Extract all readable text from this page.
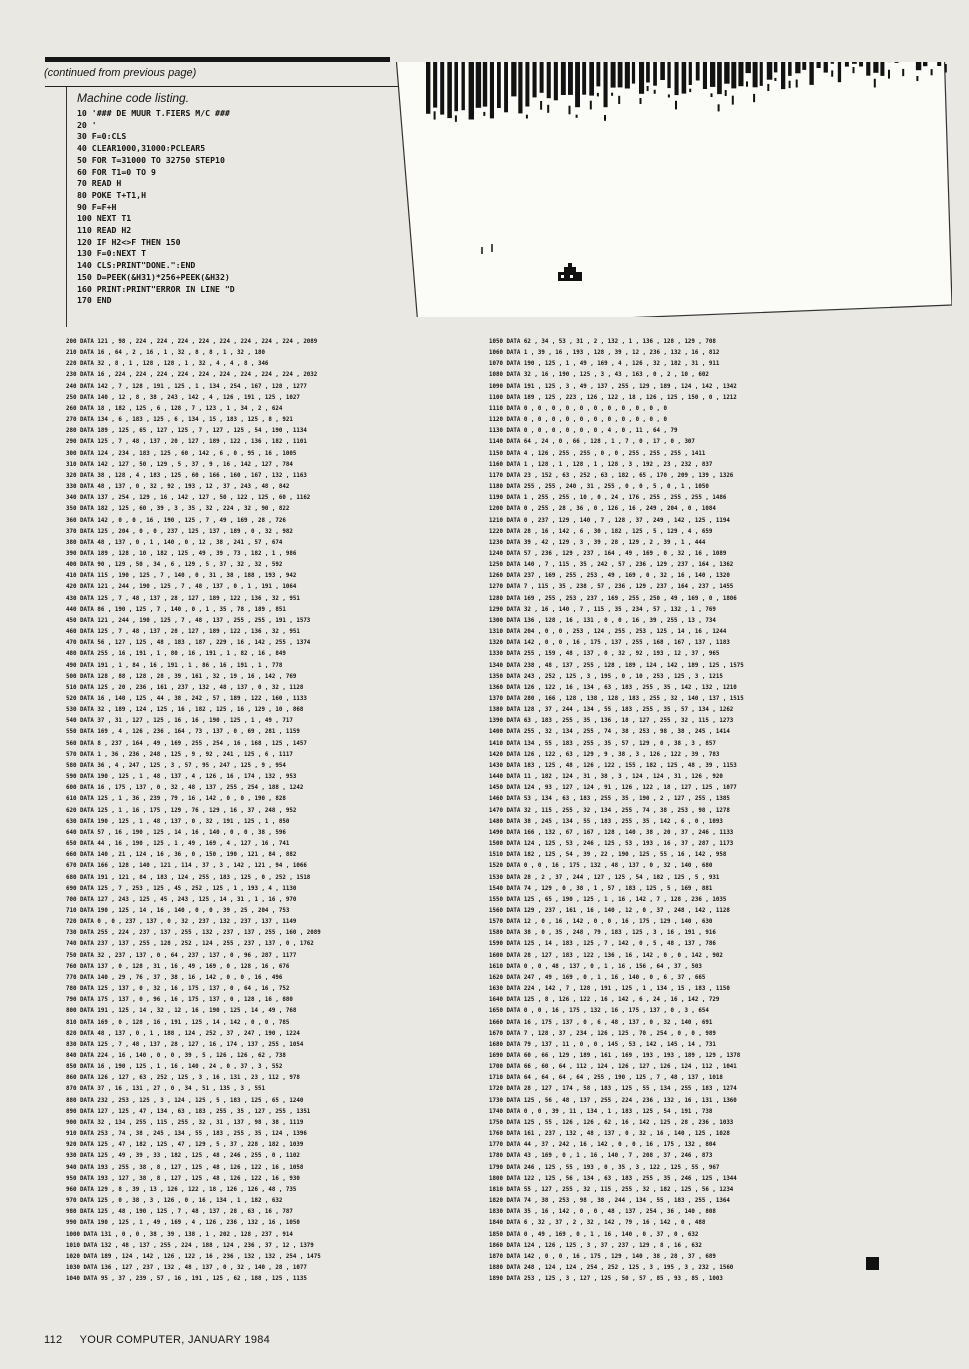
(continued from previous page)
Machine code listing.
10 '### DE MUUR T.FIERS M/C ###
20 '
30 F=0:CLS
40 CLEAR1000,31000:PCLEAR5
50 FOR T=31000 TO 32750 STEP10
60 FOR T1=0 TO 9
70 READ H
80 POKE T+T1,H
90 F=F+H
100 NEXT T1
110 READ H2
120 IF H2<>F THEN 150
130 F=0:NEXT T
140 CLS:PRINT"DONE.":END
150 D=PEEK(&H31)*256+PEEK(&H32)
160 PRINT:PRINT"ERROR IN LINE "D
170 END
200 DATA 121 , 98 , 224 , 224 , 224 , 224 , 224 , 224 , 224 , 224 , 2089
210 DATA 16 , 64 , 2 , 16 , 1 , 32 , 8 , 8 , 1 , 32 , 180
220 DATA 32 , 8 , 1 , 128 , 128 , 1 , 32 , 4 , 4 , 8 , 346
230 DATA 16 , 224 , 224 , 224 , 224 , 224 , 224 , 224 , 224 , 224 , 2032
240 DATA 142 , 7 , 128 , 191 , 125 , 1 , 134 , 254 , 167 , 128 , 1277
250 DATA 140 , 12 , 8 , 38 , 243 , 142 , 4 , 126 , 191 , 125 , 1027
260 DATA 18 , 182 , 125 , 6 , 128 , 7 , 123 , 1 , 34 , 2 , 624
270 DATA 134 , 6 , 183 , 125 , 6 , 134 , 15 , 183 , 125 , 8 , 921
280 DATA 189 , 125 , 65 , 127 , 125 , 7 , 127 , 125 , 54 , 190 , 1134
290 DATA 125 , 7 , 48 , 137 , 20 , 127 , 189 , 122 , 136 , 182 , 1101
300 DATA 124 , 234 , 183 , 125 , 60 , 142 , 6 , 0 , 95 , 16 , 1005
310 DATA 142 , 127 , 50 , 129 , 5 , 37 , 9 , 16 , 142 , 127 , 784
320 DATA 38 , 128 , 4 , 183 , 125 , 60 , 166 , 160 , 167 , 132 , 1163
330 DATA 48 , 137 , 0 , 32 , 92 , 193 , 12 , 37 , 243 , 48 , 842
340 DATA 137 , 254 , 129 , 16 , 142 , 127 , 50 , 122 , 125 , 60 , 1162
350 DATA 182 , 125 , 60 , 39 , 3 , 35 , 32 , 224 , 32 , 90 , 822
360 DATA 142 , 0 , 0 , 16 , 190 , 125 , 7 , 49 , 169 , 28 , 726
370 DATA 125 , 204 , 0 , 0 , 237 , 125 , 137 , 189 , 0 , 32 , 982
380 DATA 48 , 137 , 0 , 1 , 140 , 0 , 12 , 38 , 241 , 57 , 674
390 DATA 189 , 128 , 10 , 182 , 125 , 49 , 39 , 73 , 182 , 1 , 986
400 DATA 90 , 129 , 50 , 34 , 6 , 129 , 5 , 37 , 32 , 32 , 592
410 DATA 115 , 190 , 125 , 7 , 140 , 0 , 31 , 38 , 188 , 193 , 942
420 DATA 121 , 244 , 190 , 125 , 7 , 48 , 137 , 0 , 1 , 191 , 1064
430 DATA 125 , 7 , 48 , 137 , 28 , 127 , 189 , 122 , 136 , 32 , 951
440 DATA 86 , 190 , 125 , 7 , 140 , 0 , 1 , 35 , 78 , 189 , 851
450 DATA 121 , 244 , 190 , 125 , 7 , 48 , 137 , 255 , 255 , 191 , 1573
460 DATA 125 , 7 , 48 , 137 , 28 , 127 , 189 , 122 , 136 , 32 , 951
470 DATA 56 , 127 , 125 , 48 , 183 , 187 , 229 , 16 , 142 , 255 , 1374
480 DATA 255 , 16 , 191 , 1 , 80 , 16 , 191 , 1 , 82 , 16 , 849
490 DATA 191 , 1 , 84 , 16 , 191 , 1 , 86 , 16 , 191 , 1 , 778
500 DATA 128 , 88 , 128 , 28 , 39 , 161 , 32 , 19 , 16 , 142 , 769
510 DATA 125 , 20 , 236 , 161 , 237 , 132 , 48 , 137 , 0 , 32 , 1128
520 DATA 16 , 140 , 125 , 44 , 38 , 242 , 57 , 189 , 122 , 160 , 1133
530 DATA 32 , 189 , 124 , 125 , 16 , 182 , 125 , 16 , 129 , 10 , 868
540 DATA 37 , 31 , 127 , 125 , 16 , 16 , 190 , 125 , 1 , 49 , 717
550 DATA 169 , 4 , 126 , 236 , 164 , 73 , 137 , 0 , 69 , 281 , 1159
560 DATA 8 , 237 , 164 , 49 , 169 , 255 , 254 , 16 , 168 , 125 , 1457
570 DATA 1 , 36 , 236 , 248 , 125 , 9 , 92 , 241 , 125 , 6 , 1117
580 DATA 36 , 4 , 247 , 125 , 3 , 57 , 95 , 247 , 125 , 9 , 954
590 DATA 190 , 125 , 1 , 48 , 137 , 4 , 126 , 16 , 174 , 132 , 953
600 DATA 16 , 175 , 137 , 0 , 32 , 48 , 137 , 255 , 254 , 188 , 1242
610 DATA 125 , 1 , 36 , 239 , 79 , 16 , 142 , 0 , 0 , 190 , 828
620 DATA 125 , 1 , 16 , 175 , 129 , 76 , 129 , 16 , 37 , 248 , 952
630 DATA 190 , 125 , 1 , 48 , 137 , 0 , 32 , 191 , 125 , 1 , 850
640 DATA 57 , 16 , 190 , 125 , 14 , 16 , 140 , 0 , 0 , 38 , 596
650 DATA 44 , 16 , 190 , 125 , 1 , 49 , 169 , 4 , 127 , 16 , 741
660 DATA 140 , 21 , 124 , 16 , 36 , 0 , 150 , 190 , 121 , 84 , 882
670 DATA 166 , 128 , 140 , 121 , 114 , 37 , 3 , 142 , 121 , 94 , 1066
680 DATA 191 , 121 , 84 , 183 , 124 , 255 , 183 , 125 , 0 , 252 , 1518
690 DATA 125 , 7 , 253 , 125 , 45 , 252 , 125 , 1 , 193 , 4 , 1130
700 DATA 127 , 243 , 125 , 45 , 243 , 125 , 14 , 31 , 1 , 16 , 970
710 DATA 190 , 125 , 14 , 16 , 140 , 0 , 0 , 39 , 25 , 204 , 753
720 DATA 0 , 0 , 237 , 137 , 0 , 32 , 237 , 132 , 237 , 137 , 1149
730 DATA 255 , 224 , 237 , 137 , 255 , 132 , 237 , 137 , 255 , 160 , 2089
740 DATA 237 , 137 , 255 , 128 , 252 , 124 , 255 , 237 , 137 , 0 , 1762
750 DATA 32 , 237 , 137 , 0 , 64 , 237 , 137 , 0 , 96 , 287 , 1177
760 DATA 137 , 0 , 128 , 31 , 16 , 49 , 169 , 0 , 128 , 16 , 676
770 DATA 140 , 29 , 76 , 37 , 38 , 16 , 142 , 0 , 0 , 16 , 496
780 DATA 125 , 137 , 0 , 32 , 16 , 175 , 137 , 0 , 64 , 16 , 752
790 DATA 175 , 137 , 0 , 96 , 16 , 175 , 137 , 0 , 128 , 16 , 880
800 DATA 191 , 125 , 14 , 32 , 12 , 16 , 190 , 125 , 14 , 49 , 768
810 DATA 169 , 0 , 128 , 16 , 191 , 125 , 14 , 142 , 0 , 0 , 785
820 DATA 48 , 137 , 0 , 1 , 188 , 124 , 252 , 37 , 247 , 190 , 1224
830 DATA 125 , 7 , 48 , 137 , 28 , 127 , 16 , 174 , 137 , 255 , 1054
840 DATA 224 , 16 , 140 , 0 , 0 , 39 , 5 , 126 , 126 , 62 , 738
850 DATA 16 , 190 , 125 , 1 , 16 , 140 , 24 , 0 , 37 , 3 , 552
860 DATA 126 , 127 , 63 , 252 , 125 , 3 , 16 , 131 , 23 , 112 , 978
870 DATA 37 , 16 , 131 , 27 , 0 , 34 , 51 , 135 , 3 , 551
880 DATA 232 , 253 , 125 , 3 , 124 , 125 , 5 , 183 , 125 , 65 , 1240
890 DATA 127 , 125 , 47 , 134 , 63 , 183 , 255 , 35 , 127 , 255 , 1351
900 DATA 32 , 134 , 255 , 115 , 255 , 32 , 31 , 137 , 98 , 38 , 1119
910 DATA 253 , 74 , 38 , 245 , 134 , 55 , 183 , 255 , 35 , 124 , 1396
920 DATA 125 , 47 , 182 , 125 , 47 , 129 , 5 , 37 , 228 , 182 , 1039
930 DATA 125 , 49 , 39 , 33 , 182 , 125 , 48 , 246 , 255 , 0 , 1102
940 DATA 193 , 255 , 38 , 8 , 127 , 125 , 48 , 126 , 122 , 16 , 1058
950 DATA 193 , 127 , 38 , 8 , 127 , 125 , 48 , 126 , 122 , 16 , 930
960 DATA 129 , 8 , 39 , 13 , 126 , 122 , 18 , 126 , 126 , 48 , 735
970 DATA 125 , 0 , 38 , 3 , 126 , 0 , 16 , 134 , 1 , 182 , 632
980 DATA 125 , 48 , 190 , 125 , 7 , 48 , 137 , 28 , 63 , 16 , 787
990 DATA 190 , 125 , 1 , 49 , 169 , 4 , 126 , 236 , 132 , 16 , 1050
1000 DATA 131 , 0 , 0 , 38 , 39 , 138 , 1 , 202 , 128 , 237 , 914
1010 DATA 132 , 48 , 137 , 255 , 224 , 188 , 124 , 236 , 37 , 12 , 1379
1020 DATA 189 , 124 , 142 , 126 , 122 , 16 , 236 , 132 , 132 , 254 , 1475
1030 DATA 136 , 127 , 237 , 132 , 48 , 137 , 0 , 32 , 140 , 28 , 1077
1040 DATA 95 , 37 , 239 , 57 , 16 , 191 , 125 , 62 , 188 , 125 , 1135
1050 DATA 62 , 34 , 53 , 31 , 2 , 132 , 1 , 136 , 128 , 129 , 708
1060 DATA 1 , 39 , 16 , 193 , 128 , 39 , 12 , 236 , 132 , 16 , 812
1070 DATA 190 , 125 , 1 , 49 , 169 , 4 , 126 , 32 , 182 , 31 , 911
1080 DATA 32 , 16 , 190 , 125 , 3 , 43 , 163 , 0 , 2 , 10 , 602
1090 DATA 191 , 125 , 3 , 49 , 137 , 255 , 129 , 189 , 124 , 142 , 1342
1100 DATA 189 , 125 , 223 , 126 , 122 , 18 , 126 , 125 , 150 , 0 , 1212
1110 DATA 0 , 0 , 0 , 0 , 0 , 0 , 0 , 0 , 0 , 0 , 0
1120 DATA 0 , 0 , 0 , 0 , 0 , 0 , 0 , 0 , 0 , 0 , 0
1130 DATA 0 , 0 , 0 , 0 , 0 , 0 , 4 , 0 , 11 , 64 , 79
1140 DATA 64 , 24 , 0 , 66 , 128 , 1 , 7 , 0 , 17 , 0 , 307
1150 DATA 4 , 126 , 255 , 255 , 0 , 0 , 255 , 255 , 255 , 1411
1160 DATA 1 , 128 , 1 , 128 , 1 , 128 , 3 , 192 , 23 , 232 , 837
1170 DATA 23 , 152 , 63 , 252 , 63 , 182 , 65 , 170 , 209 , 139 , 1326
1180 DATA 255 , 255 , 240 , 31 , 255 , 0 , 0 , 5 , 0 , 1 , 1050
1190 DATA 1 , 255 , 255 , 10 , 0 , 24 , 176 , 255 , 255 , 255 , 1486
1200 DATA 0 , 255 , 28 , 36 , 0 , 126 , 16 , 249 , 204 , 0 , 1084
1210 DATA 0 , 237 , 129 , 140 , 7 , 128 , 37 , 249 , 142 , 125 , 1194
1220 DATA 28 , 16 , 142 , 6 , 30 , 182 , 125 , 5 , 129 , 4 , 659
1230 DATA 39 , 42 , 129 , 3 , 39 , 28 , 129 , 2 , 39 , 1 , 444
1240 DATA 57 , 236 , 129 , 237 , 164 , 49 , 169 , 0 , 32 , 16 , 1089
1250 DATA 140 , 7 , 115 , 35 , 242 , 57 , 236 , 129 , 237 , 164 , 1362
1260 DATA 237 , 169 , 255 , 253 , 49 , 169 , 0 , 32 , 16 , 140 , 1320
1270 DATA 7 , 115 , 35 , 238 , 57 , 236 , 129 , 237 , 164 , 237 , 1455
1280 DATA 169 , 255 , 253 , 237 , 169 , 255 , 250 , 49 , 169 , 0 , 1806
1290 DATA 32 , 16 , 140 , 7 , 115 , 35 , 234 , 57 , 132 , 1 , 769
1300 DATA 136 , 128 , 16 , 131 , 0 , 0 , 16 , 39 , 255 , 13 , 734
1310 DATA 204 , 0 , 0 , 253 , 124 , 255 , 253 , 125 , 14 , 16 , 1244
1320 DATA 142 , 0 , 0 , 16 , 175 , 137 , 255 , 168 , 167 , 137 , 1183
1330 DATA 255 , 159 , 48 , 137 , 0 , 32 , 92 , 193 , 12 , 37 , 965
1340 DATA 238 , 48 , 137 , 255 , 128 , 189 , 124 , 142 , 189 , 125 , 1575
1350 DATA 243 , 252 , 125 , 3 , 195 , 0 , 10 , 253 , 125 , 3 , 1215
1360 DATA 126 , 122 , 16 , 134 , 63 , 183 , 255 , 35 , 142 , 132 , 1210
1370 DATA 280 , 166 , 128 , 138 , 128 , 183 , 255 , 32 , 140 , 137 , 1515
1380 DATA 128 , 37 , 244 , 134 , 55 , 183 , 255 , 35 , 57 , 134 , 1262
1390 DATA 63 , 183 , 255 , 35 , 136 , 18 , 127 , 255 , 32 , 115 , 1273
1400 DATA 255 , 32 , 134 , 255 , 74 , 38 , 253 , 98 , 38 , 245 , 1414
1410 DATA 134 , 55 , 183 , 255 , 35 , 57 , 129 , 0 , 38 , 3 , 857
1420 DATA 126 , 122 , 63 , 129 , 9 , 38 , 3 , 126 , 122 , 39 , 783
1430 DATA 183 , 125 , 48 , 126 , 122 , 155 , 182 , 125 , 48 , 39 , 1153
1440 DATA 11 , 182 , 124 , 31 , 38 , 3 , 124 , 124 , 31 , 126 , 920
1450 DATA 124 , 93 , 127 , 124 , 91 , 126 , 122 , 18 , 127 , 125 , 1077
1460 DATA 53 , 134 , 63 , 183 , 255 , 35 , 190 , 2 , 127 , 255 , 1385
1470 DATA 32 , 115 , 255 , 32 , 134 , 255 , 74 , 38 , 253 , 98 , 1278
1480 DATA 38 , 245 , 134 , 55 , 183 , 255 , 35 , 142 , 6 , 0 , 1093
1490 DATA 166 , 132 , 67 , 167 , 128 , 140 , 38 , 20 , 37 , 246 , 1133
1500 DATA 124 , 125 , 53 , 246 , 125 , 53 , 193 , 16 , 37 , 287 , 1173
1510 DATA 182 , 125 , 54 , 39 , 22 , 190 , 125 , 55 , 16 , 142 , 958
1520 DATA 0 , 0 , 16 , 175 , 132 , 48 , 137 , 0 , 32 , 140 , 680
1530 DATA 28 , 2 , 37 , 244 , 127 , 125 , 54 , 182 , 125 , 5 , 931
1540 DATA 74 , 129 , 0 , 38 , 1 , 57 , 183 , 125 , 5 , 169 , 881
1550 DATA 125 , 65 , 190 , 125 , 1 , 16 , 142 , 7 , 128 , 236 , 1035
1560 DATA 129 , 237 , 161 , 16 , 140 , 12 , 0 , 37 , 248 , 142 , 1128
1570 DATA 12 , 0 , 16 , 142 , 0 , 0 , 16 , 175 , 129 , 140 , 630
1580 DATA 38 , 0 , 35 , 248 , 79 , 183 , 125 , 3 , 16 , 191 , 916
1590 DATA 125 , 14 , 183 , 125 , 7 , 142 , 0 , 5 , 48 , 137 , 786
1600 DATA 28 , 127 , 183 , 122 , 136 , 16 , 142 , 0 , 0 , 142 , 902
1610 DATA 0 , 0 , 48 , 137 , 0 , 1 , 16 , 156 , 64 , 37 , 503
1620 DATA 247 , 49 , 169 , 0 , 1 , 16 , 140 , 0 , 6 , 37 , 665
1630 DATA 224 , 142 , 7 , 128 , 191 , 125 , 1 , 134 , 15 , 183 , 1150
1640 DATA 125 , 8 , 126 , 122 , 16 , 142 , 6 , 24 , 16 , 142 , 729
1650 DATA 0 , 0 , 16 , 175 , 132 , 16 , 175 , 137 , 0 , 3 , 654
1660 DATA 16 , 175 , 137 , 0 , 6 , 48 , 137 , 0 , 32 , 140 , 691
1670 DATA 7 , 128 , 37 , 234 , 126 , 125 , 70 , 254 , 0 , 0 , 989
1680 DATA 79 , 137 , 11 , 0 , 0 , 145 , 53 , 142 , 145 , 14 , 731
1690 DATA 60 , 66 , 129 , 189 , 161 , 169 , 193 , 193 , 189 , 129 , 1378
1700 DATA 66 , 60 , 64 , 112 , 124 , 126 , 127 , 126 , 124 , 112 , 1041
1710 DATA 64 , 64 , 64 , 64 , 255 , 190 , 125 , 7 , 48 , 137 , 1018
1720 DATA 28 , 127 , 174 , 58 , 183 , 125 , 55 , 134 , 255 , 183 , 1274
1730 DATA 125 , 56 , 48 , 137 , 255 , 224 , 236 , 132 , 16 , 131 , 1360
1740 DATA 0 , 0 , 39 , 11 , 134 , 1 , 183 , 125 , 54 , 191 , 738
1750 DATA 125 , 55 , 126 , 126 , 62 , 16 , 142 , 125 , 28 , 236 , 1033
1760 DATA 161 , 237 , 132 , 48 , 137 , 0 , 32 , 16 , 140 , 125 , 1028
1770 DATA 44 , 37 , 242 , 16 , 142 , 0 , 0 , 16 , 175 , 132 , 804
1780 DATA 43 , 169 , 0 , 1 , 16 , 140 , 7 , 208 , 37 , 246 , 873
1790 DATA 246 , 125 , 55 , 193 , 0 , 35 , 3 , 122 , 125 , 55 , 967
1800 DATA 122 , 125 , 56 , 134 , 63 , 183 , 255 , 35 , 246 , 125 , 1344
1810 DATA 55 , 127 , 255 , 32 , 115 , 255 , 32 , 182 , 125 , 56 , 1234
1820 DATA 74 , 38 , 253 , 98 , 38 , 244 , 134 , 55 , 183 , 255 , 1364
1830 DATA 35 , 16 , 142 , 0 , 0 , 48 , 137 , 254 , 36 , 140 , 808
1840 DATA 6 , 32 , 37 , 2 , 32 , 142 , 79 , 16 , 142 , 0 , 488
1850 DATA 0 , 49 , 169 , 0 , 1 , 16 , 140 , 0 , 37 , 0 , 632
1860 DATA 124 , 126 , 125 , 3 , 37 , 237 , 129 , 8 , 16 , 632
1870 DATA 142 , 0 , 0 , 16 , 175 , 129 , 140 , 38 , 28 , 37 , 689
1880 DATA 248 , 124 , 124 , 254 , 252 , 125 , 3 , 195 , 3 , 232 , 1560
1890 DATA 253 , 125 , 3 , 127 , 125 , 50 , 57 , 85 , 93 , 85 , 1003
112 YOUR COMPUTER, JANUARY 1984
